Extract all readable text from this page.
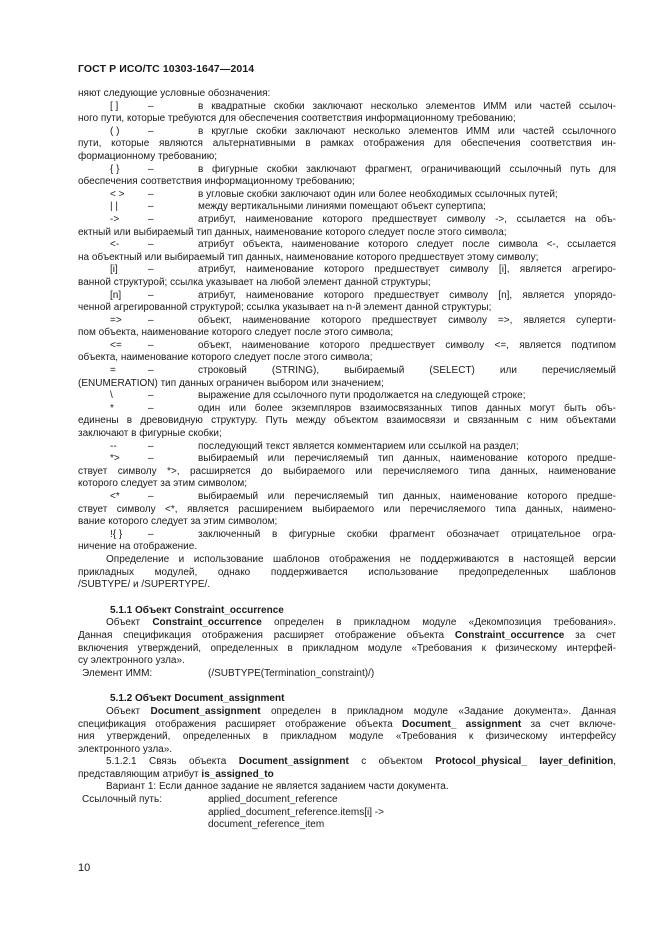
ГОСТ Р ИСО/ТС 10303-1647—2014
няют следующие условные обозначения:
[ ]	–	в квадратные скобки заключают несколько элементов ИММ или частей ссылоч-
ного пути, которые требуются для обеспечения соответствия информационному требованию;
( )	–	в круглые скобки заключают несколько элементов ИММ или частей ссылочного
пути, которые являются альтернативными в рамках отображения для обеспечения соответствия ин-
формационному требованию;
{ }	–	в фигурные скобки заключают фрагмент, ограничивающий ссылочный путь для
обеспечения соответствия информационному требованию;
< > –	в угловые скобки заключают один или более необходимых ссылочных путей;
| |	–	между вертикальными линиями помещают объект супертипа;
->	–	атрибут, наименование которого предшествует символу ->, ссылается на объ-
ектный или выбираемый тип данных, наименование которого следует после этого символа;
<-	–	атрибут объекта, наименование которого следует после символа <-, ссылается
на объектный или выбираемый тип данных, наименование которого предшествует этому символу;
[i]	–	атрибут, наименование которого предшествует символу [i], является агрегиро-
ванной структурой; ссылка указывает на любой элемент данной структуры;
[n]	–	атрибут, наименование которого предшествует символу [n], является упорядо-
ченной агрегированной структурой; ссылка указывает на n-й элемент данной структуры;
=>	–	объект, наименование которого предшествует символу =>, является суперти-
пом объекта, наименование которого следует после этого символа;
<=	–	объект, наименование которого предшествует символу <=, является подтипом
объекта, наименование которого следует после этого символа;
=	–	строковый (STRING), выбираемый (SELECT) или перечисляемый
(ENUMERATION) тип данных ограничен выбором или значением;
\	–	выражение для ссылочного пути продолжается на следующей строке;
*	–	один или более экземпляров взаимосвязанных типов данных могут быть объ-
единены в древовидную структуру. Путь между объектом взаимосвязи и связанным с ним объектами
заключают в фигурные скобки;
--	–	последующий текст является комментарием или ссылкой на раздел;
*>	–	выбираемый или перечисляемый тип данных, наименование которого предше-
ствует символу *>, расширяется до выбираемого или перечисляемого типа данных, наименование
которого следует за этим символом;
<*	–	выбираемый или перечисляемый тип данных, наименование которого предше-
ствует символу <*, является расширением выбираемого или перечисляемого типа данных, наимено-
вание которого следует за этим символом;
!{ }	–	заключенный в фигурные скобки фрагмент обозначает отрицательное огра-
ничение на отображение.
Определение и использование шаблонов отображения не поддерживаются в настоящей версии
прикладных модулей, однако поддерживается использование предопределенных шаблонов
/SUBTYPE/ и /SUPERTYPE/.
5.1.1 Объект Constraint_occurrence
Объект Constraint_occurrence определен в прикладном модуле «Декомпозиция требования».
Данная спецификация отображения расширяет отображение объекта Constraint_occurrence за счет
включения утверждений, определенных в прикладном модуле «Требования к физическому интерфей-
су электронного узла».
Элемент ИММ:	(/SUBTYPE(Termination_constraint)/)
5.1.2 Объект Document_assignment
Объект Document_assignment определен в прикладном модуле «Задание документа». Данная
спецификация отображения расширяет отображение объекта Document_ assignment за счет включе-
ния утверждений, определенных в прикладном модуле «Требования к физическому интерфейсу
электронного узла».
5.1.2.1 Связь объекта Document_assignment с объектом Protocol_physical_ layer_definition,
представляющим атрибут is_assigned_to
Вариант 1: Если данное задание не является заданием части документа.
Ссылочный путь:	applied_document_reference
applied_document_reference.items[i] ->
document_reference_item
10
